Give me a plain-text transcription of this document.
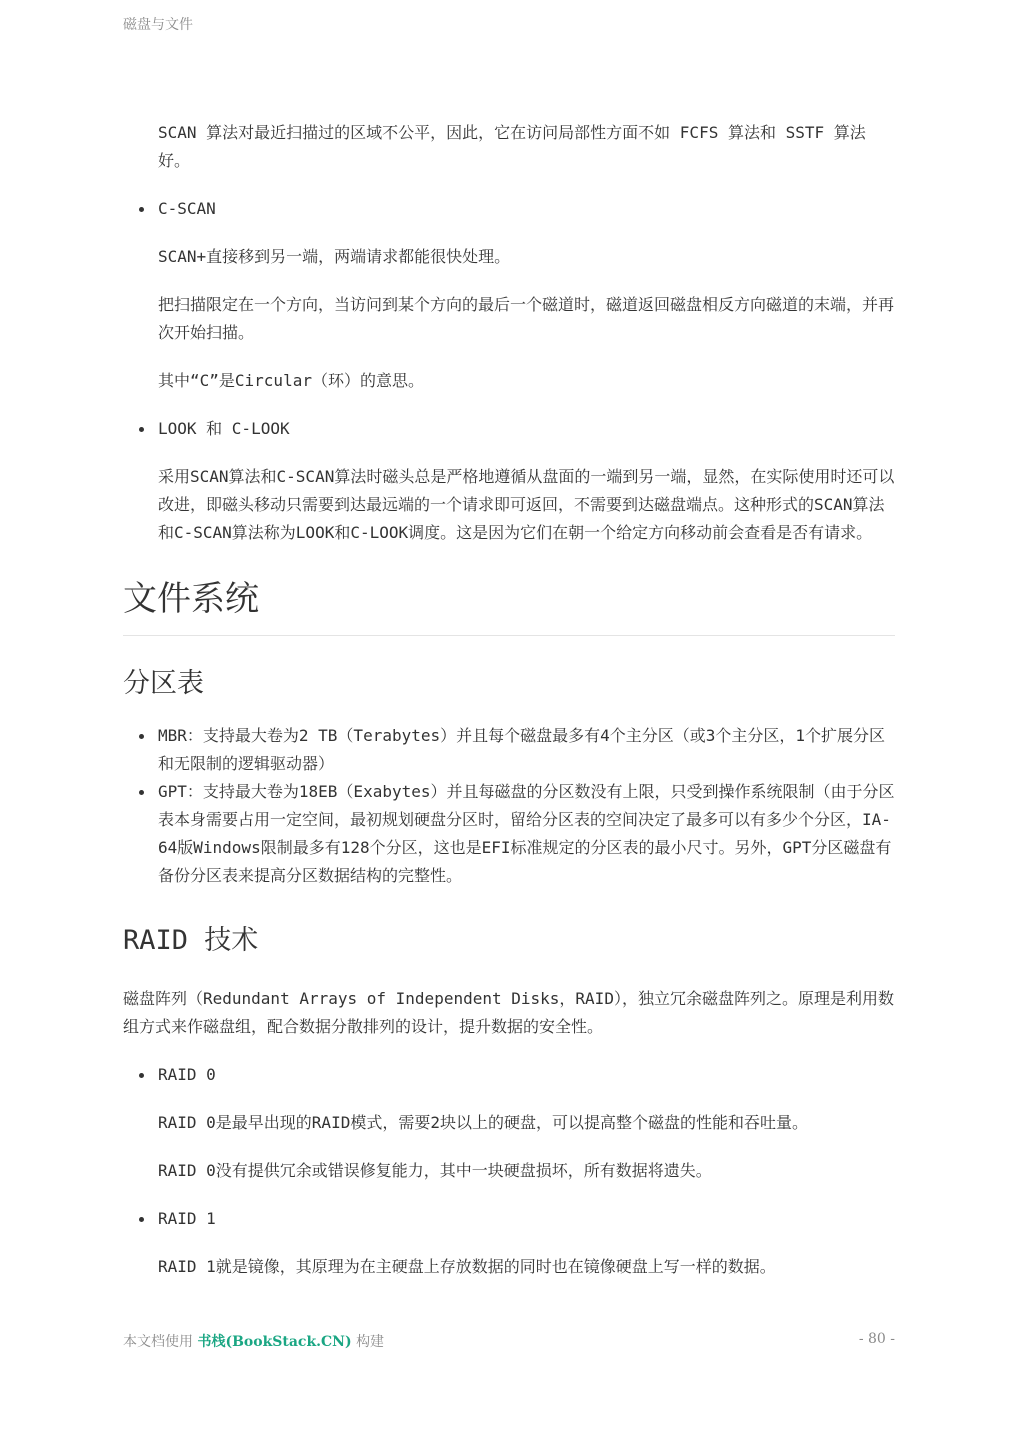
磁盘与文件

SCAN 算法对最近扫描过的区域不公平，因此，它在访问局部性方面不如 FCFS 算法和 SSTF 算法好。

C-SCAN

SCAN+直接移到另一端，两端请求都能很快处理。

把扫描限定在一个方向，当访问到某个方向的最后一个磁道时，磁道返回磁盘相反方向磁道的末端，并再次开始扫描。

其中“C”是Circular（环）的意思。

LOOK 和 C-LOOK

采用SCAN算法和C-SCAN算法时磁头总是严格地遵循从盘面的一端到另一端，显然，在实际使用时还可以改进，即磁头移动只需要到达最远端的一个请求即可返回，不需要到达磁盘端点。这种形式的SCAN算法和C-SCAN算法称为LOOK和C-LOOK调度。这是因为它们在朝一个给定方向移动前会查看是否有请求。

文件系统
分区表
MBR：支持最大卷为2 TB（Terabytes）并且每个磁盘最多有4个主分区（或3个主分区，1个扩展分区和无限制的逻辑驱动器）
GPT：支持最大卷为18EB（Exabytes）并且每磁盘的分区数没有上限，只受到操作系统限制（由于分区表本身需要占用一定空间，最初规划硬盘分区时，留给分区表的空间决定了最多可以有多少个分区，IA-64版Windows限制最多有128个分区，这也是EFI标准规定的分区表的最小尺寸。另外，GPT分区磁盘有备份分区表来提高分区数据结构的完整性。
RAID 技术

磁盘阵列（Redundant Arrays of Independent Disks，RAID），独立冗余磁盘阵列之。原理是利用数组方式来作磁盘组，配合数据分散排列的设计，提升数据的安全性。

RAID 0

RAID 0是最早出现的RAID模式，需要2块以上的硬盘，可以提高整个磁盘的性能和吞吐量。

RAID 0没有提供冗余或错误修复能力，其中一块硬盘损坏，所有数据将遗失。

RAID 1

RAID 1就是镜像，其原理为在主硬盘上存放数据的同时也在镜像硬盘上写一样的数据。

本文档使用 书栈(BookStack.CN) 构建	- 80 -
